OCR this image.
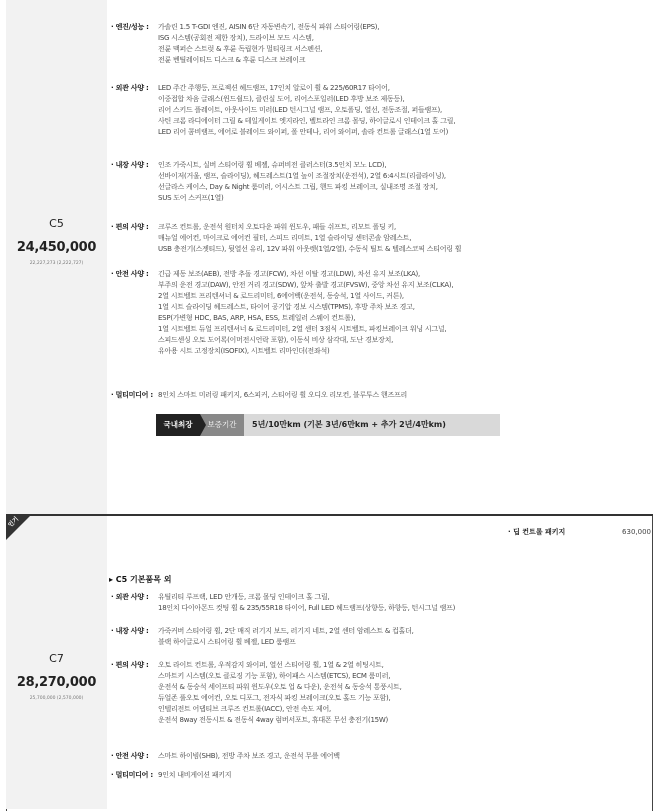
C5
24,450,000
22,227,273 (2,222,727)
· 엔진/성능 : 가솔린 1.5 T-GDI 엔진, AISIN 6단 자동변속기, 전동식 파워 스티어링(EPS),
ISG 시스템(공회전 제한 장치), 드라이브 모드 시스템,
전륜 맥퍼슨 스트럿 & 후륜 독립현가 멀티링크 서스펜션,
전륜 벤틸레이티드 디스크 & 후륜 디스크 브레이크
· 외관 사양 : LED 주간 주행등, 프로젝션 헤드램프, 17인치 알로이 휠 & 225/60R17 타이어,
이중접합 차음 글래스(윈드쉴드), 클린실 도어, 리어스포일러(LED 후방 보조 제동등),
리어 스키드 플레이트, 아웃사이드 미러(LED 턴시그널 램프, 오토폴딩, 열선, 전동조절, 퍼들램프),
사틴 크롬 라디에이터 그릴 & 테일게이트 엣지라인, 벨트라인 크롬 몰딩, 하이글로시 인테이크 홀 그릴,
LED 리어 콤비램프, 에어로 블레이드 와이퍼, 폴 안테나, 리어 와이퍼, 솔라 컨트롤 글래스(1열 도어)
· 내장 사양 : 인조 가죽시트, 실버 스티어링 휠 베젤, 슈퍼비전 클러스터(3.5인치 모노 LCD),
선바이저(거울, 램프, 슬라이딩), 헤드레스트(1열 높이 조절장치(운전석), 2열 6:4시트(리클라이닝),
선글라스 케이스, Day & Night 룸미러, 어시스트 그립, 핸드 파킹 브레이크, 실내조명 조절 장치,
SUS 도어 스커프(1열)
· 편의 사양 : 크루즈 컨트롤, 운전석 원터치 오토다운 파워 윈도우, 패들 쉬프트, 리모트 폴딩 키,
매뉴얼 에어컨, 마이크로 에어컨 필터, 스피드 리미트, 1열 슬라이딩 센터콘솔 암레스트,
USB 충전기(스젯티드), 뒷열선 유리, 12V 파워 아웃렛(1열/2열), 수동식 틸트 & 텔레스코픽 스티어링 휠
· 안전 사양 : 긴급 제동 보조(AEB), 전방 추돌 경고(FCW), 차선 이탈 경고(LDW), 차선 유지 보조(LKA),
부주의 운전 경고(DAW), 안전 거리 경고(SDW), 앞차 출발 경고(FVSW), 중앙 차선 유지 보조(CLKA),
2열 시트벨트 프리텐셔너 & 로드리미터, 6에어백(운전석, 동승석, 1열 사이드, 커튼),
1열 시트 슬라이딩 헤드레스트, 타이어 공기압 경보 시스템(TPMS), 후방 주차 보조 경고,
ESP(가변형 HDC, BAS, ARP, HSA, ESS, 트레일러 스웨이 컨트롤),
1열 시트벨트 듀얼 프리텐셔너 & 로드리미터, 2열 센터 3점식 시트벨트, 파킹브레이크 워닝 시그널,
스피드센싱 오토 도어록(이머전시언락 포함), 이동식 비상 삼각대, 도난 경보장치,
유아용 시트 고정장치(ISOFIX), 시트벨트 리마인더(전좌석)
· 멀티미디어 : 8인치 스마트 미러링 패키지, 6스피커, 스티어링 휠 오디오 리모컨, 블루투스 핸즈프리
국내최장	보증기간	5년/10만km (기본 3년/6만km + 추가 2년/4만km)
C7
28,270,000
25,700,000 (2,570,000)
인기
▸ C5 기본품목 외
· 외관 사양 : 유틸리티 루프랙, LED 안개등, 크롬 몰딩 인테이크 홀 그릴,
18인치 다이아몬드 컷팅 휠 & 235/55R18 타이어, Full LED 헤드램프(상향등, 하향등, 턴시그널 램프)
· 내장 사양 : 가죽커버 스티어링 휠, 2단 매직 러기지 보드, 러기지 네트, 2열 센터 암레스트 & 컵홀더,
블랙 하이글로시 스티어링 휠 베젤, LED 룸램프
· 편의 사양 : 오토 라이트 컨트롤, 우적감지 와이퍼, 열선 스티어링 휠, 1열 & 2열 히팅시트,
스마트키 시스템(오토 클로징 기능 포함), 하이패스 시스템(ETCS), ECM 룸미러,
운전석 & 동승석 세이프티 파워 윈도우(오토 업 & 다운), 운전석 & 동승석 통풍시트,
듀얼존 풀오토 에어컨, 오토 디포그, 전자식 파킹 브레이크(오토 홀드 기능 포함),
인텔리전트 어댑티브 크루즈 컨트롤(IACC), 안전 속도 제어,
운전석 8way 전동시트 & 전동식 4way 럼버서포트, 휴대폰 무선 충전기(15W)
· 안전 사양 : 스마트 하이빔(SHB), 전방 주차 보조 경고, 운전석 무릎 에어백
· 멀티미디어 : 9인치 내비게이션 패키지
· 딥 컨트롤 패키지	630,000
